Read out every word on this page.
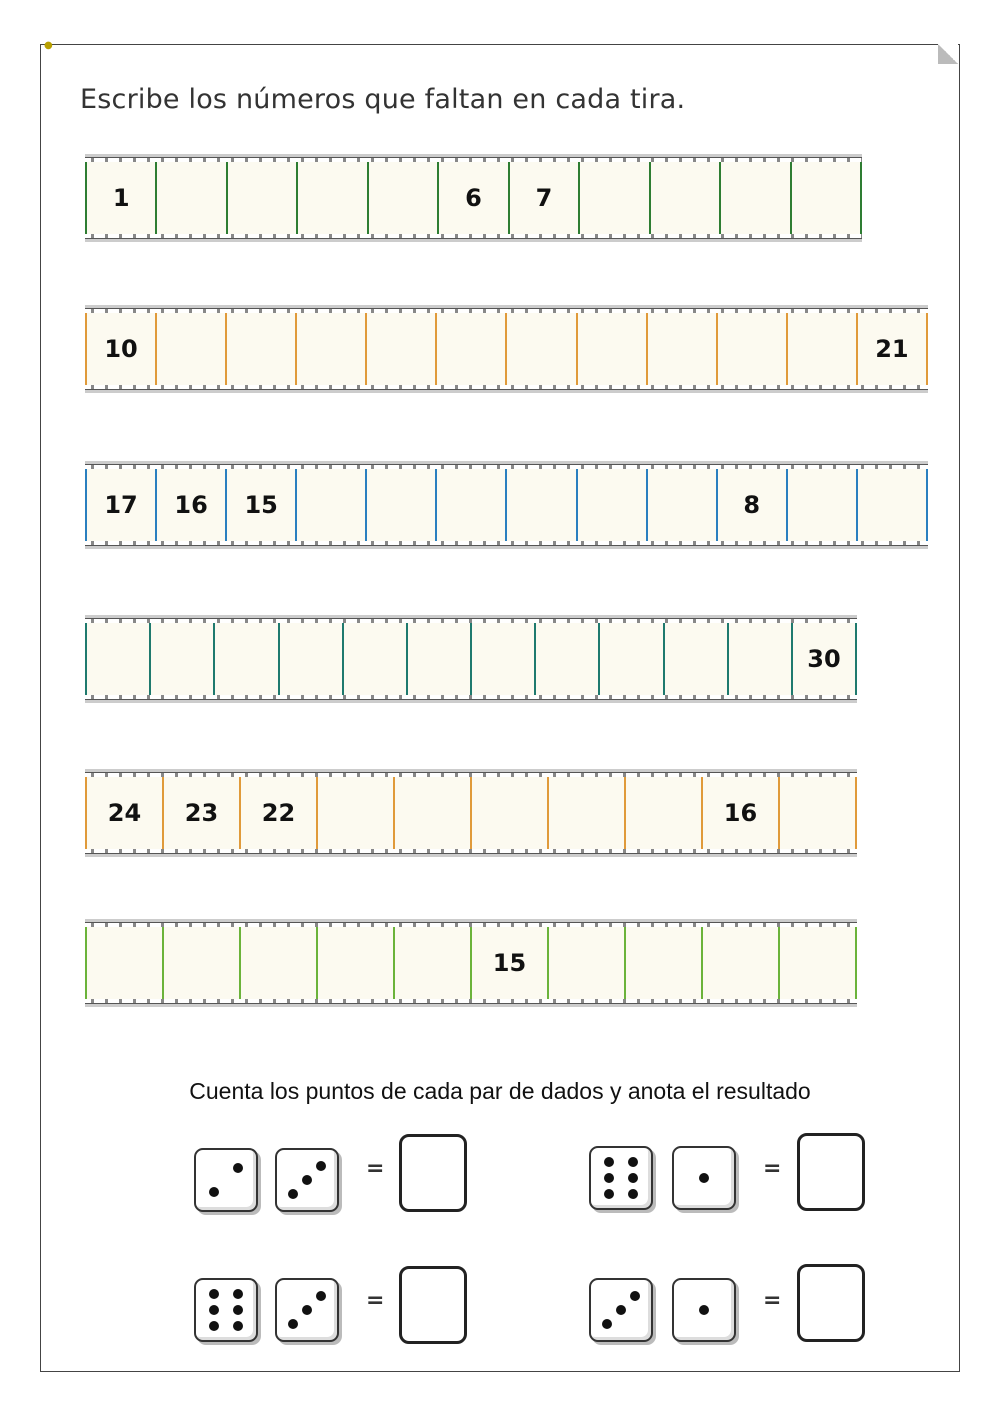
●
Escribe los números que faltan en cada tira.
1	6	7
10	21
17	16	15	8
30
24	23	22	16
15
Cuenta los puntos de cada par de dados y anota el resultado
=	=
=	=
